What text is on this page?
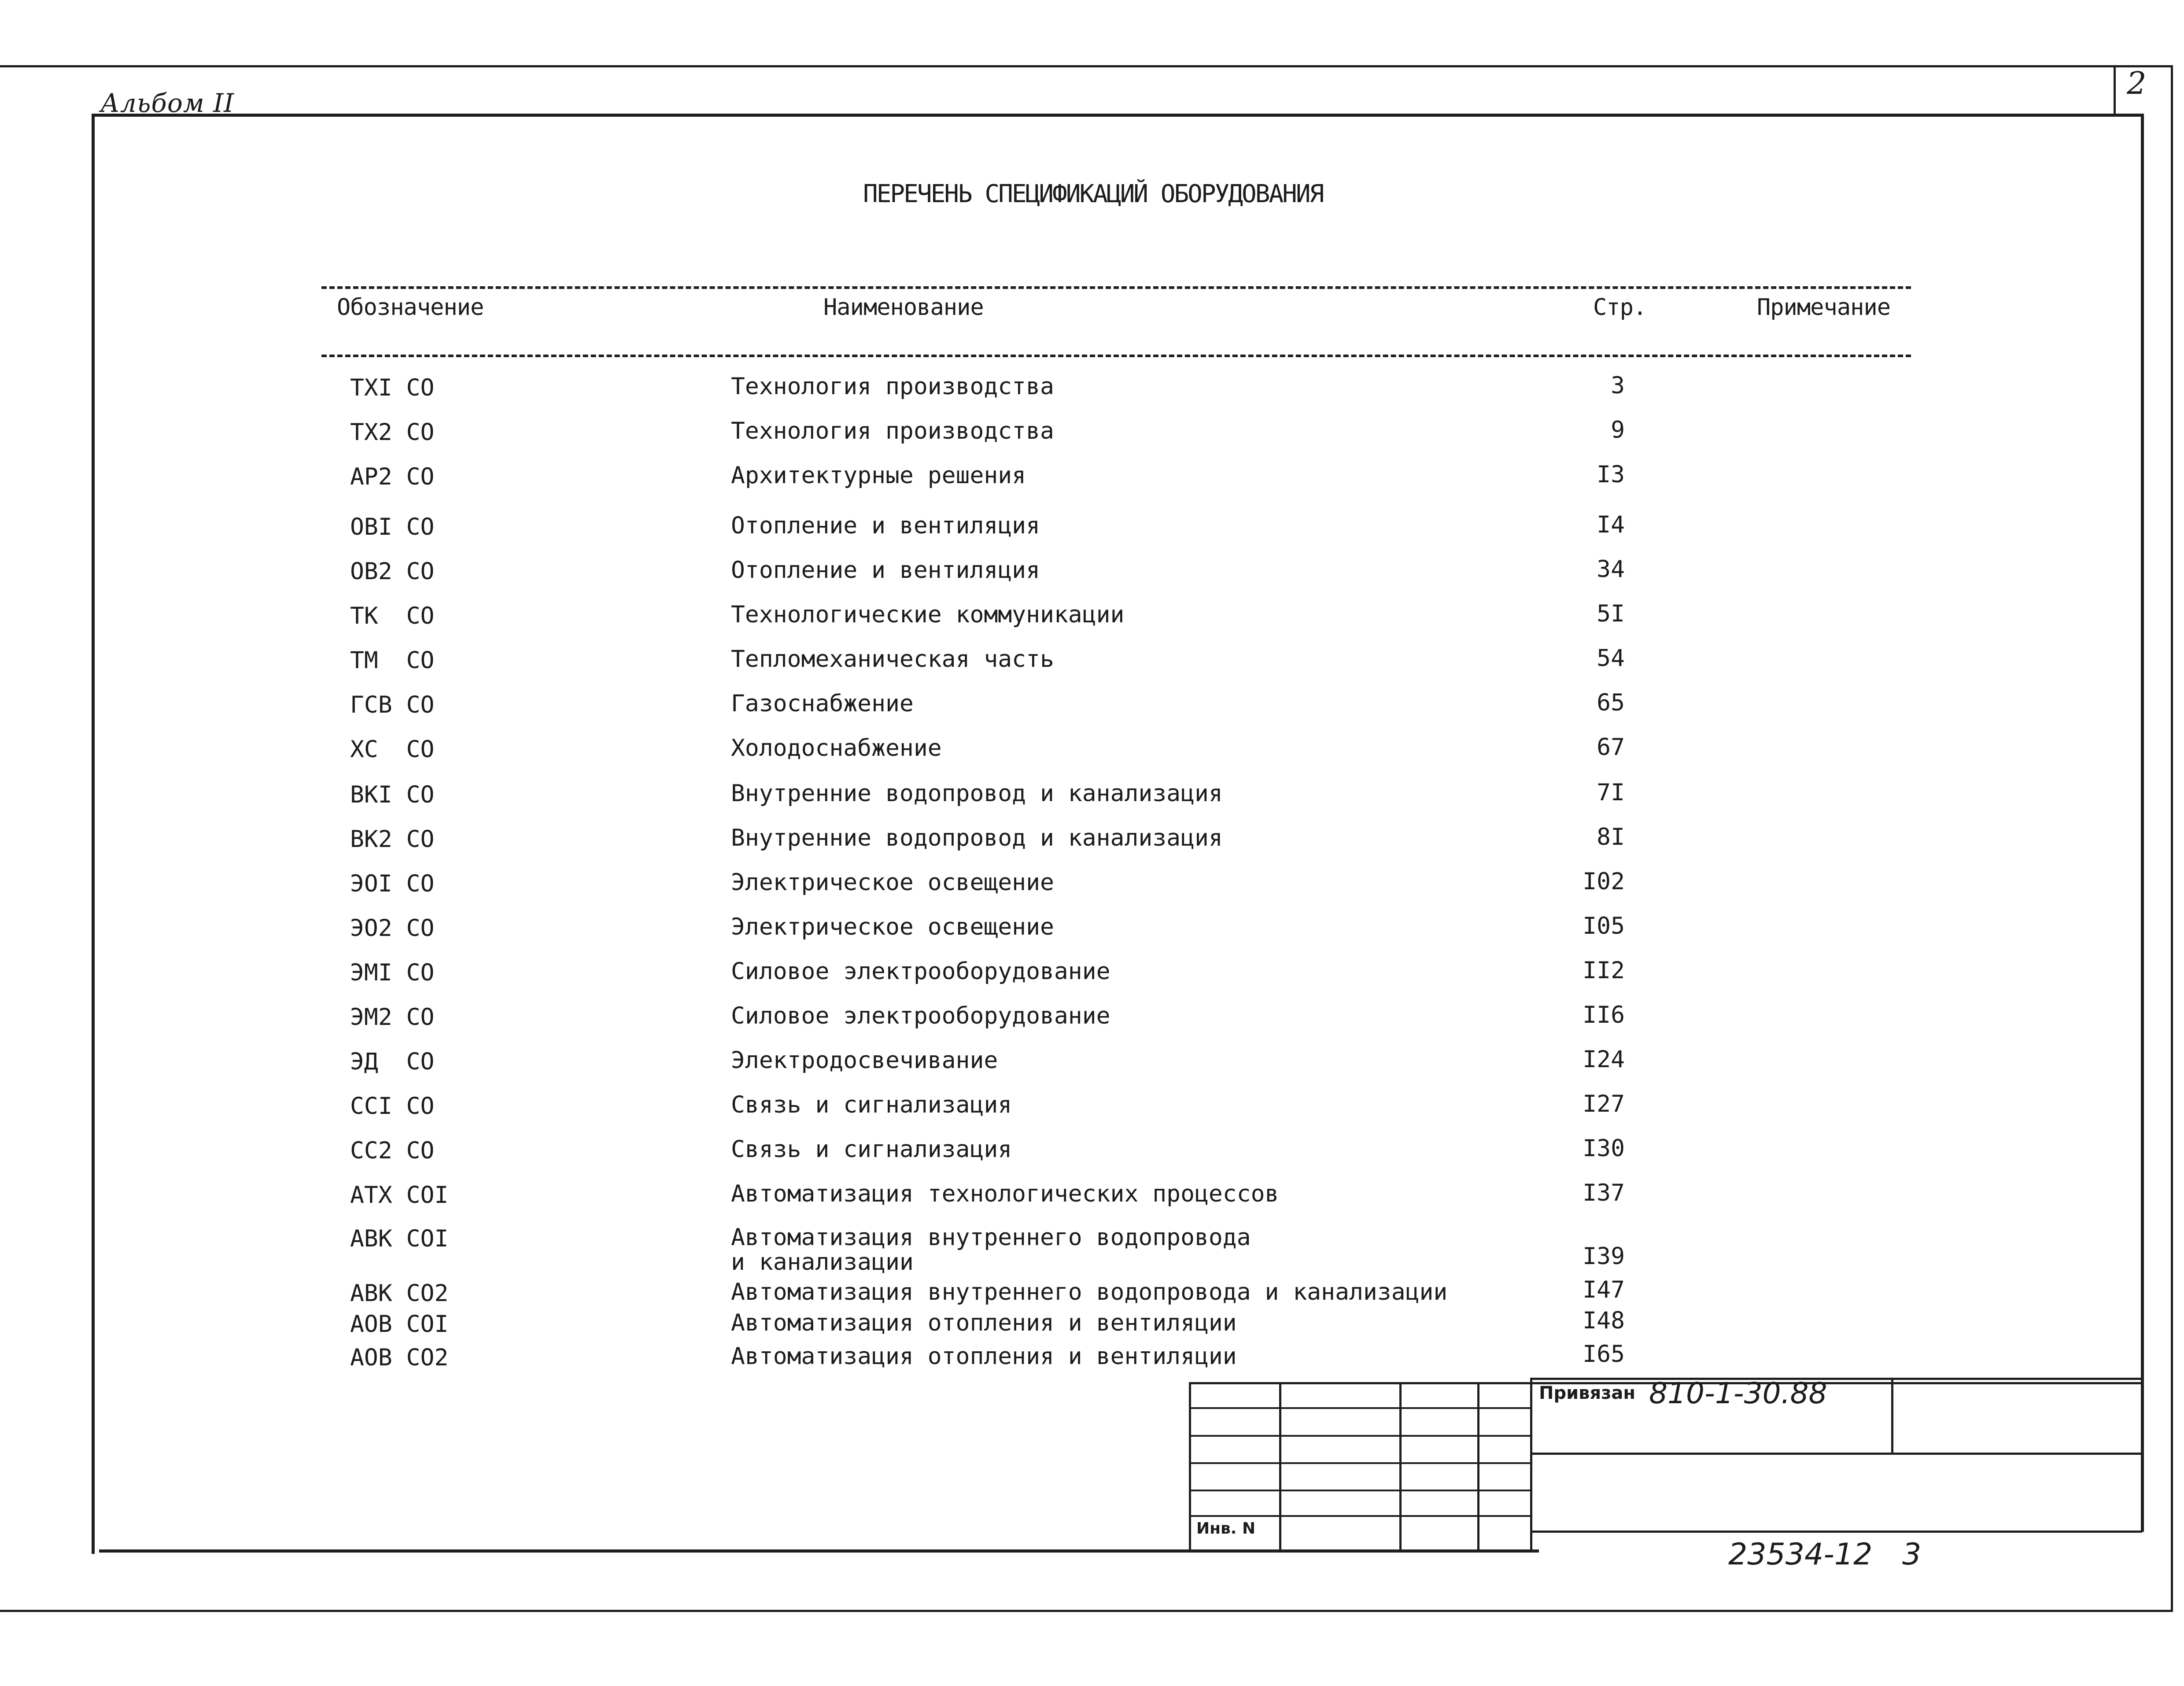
Альбом II
2
ПЕРЕЧЕНЬ СПЕЦИФИКАЦИЙ ОБОРУДОВАНИЯ
Обозначение	Наименование	Стр.	Примечание
TXI CO	Технология производства	3
TX2 CO	Технология производства	9
AP2 CO	Архитектурные решения	I3
OBI CO	Отопление и вентиляция	I4
OB2 CO	Отопление и вентиляция	34
TK  CO	Технологические коммуникации	5I
TM  CO	Тепломеханическая часть	54
ГСВ CO	Газоснабжение	65
XC  CO	Холодоснабжение	67
BKI CO	Внутренние водопровод и канализация	7I
BK2 CO	Внутренние водопровод и канализация	8I
ЭOI CO	Электрическое освещение	I02
ЭO2 CO	Электрическое освещение	I05
ЭMI CO	Силовое электрооборудование	II2
ЭM2 CO	Силовое электрооборудование	II6
ЭД  CO	Электродосвечивание	I24
CCI CO	Связь и сигнализация	I27
CC2 CO	Связь и сигнализация	I30
ATX COI	Автоматизация технологических процессов	I37
ABK COI	Автоматизация внутреннего водопровода
и канализации	I39
ABK CO2	Автоматизация внутреннего водопровода и канализации	I47
AOB COI	Автоматизация отопления и вентиляции	I48
AOB CO2	Автоматизация отопления и вентиляции	I65
Инв. N
Привязан 810-1-30.88
23534-12 3
